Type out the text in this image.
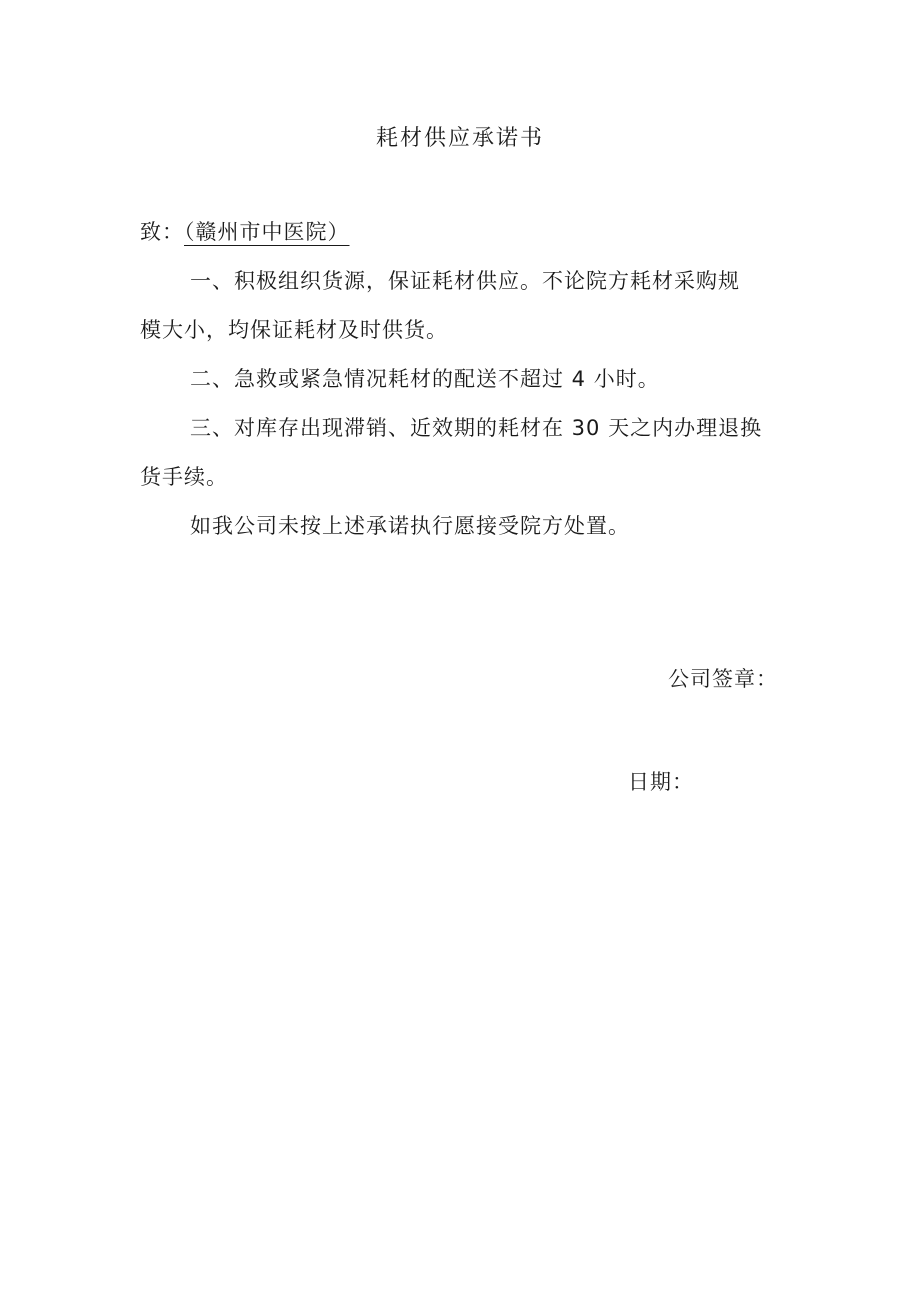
耗材供应承诺书
致：（赣州市中医院）
一、积极组织货源，保证耗材供应。不论院方耗材采购规
模大小，均保证耗材及时供货。
二、急救或紧急情况耗材的配送不超过 4 小时。
三、对库存出现滞销、近效期的耗材在 30 天之内办理退换
货手续。
如我公司未按上述承诺执行愿接受院方处置。
公司签章：
日期：
